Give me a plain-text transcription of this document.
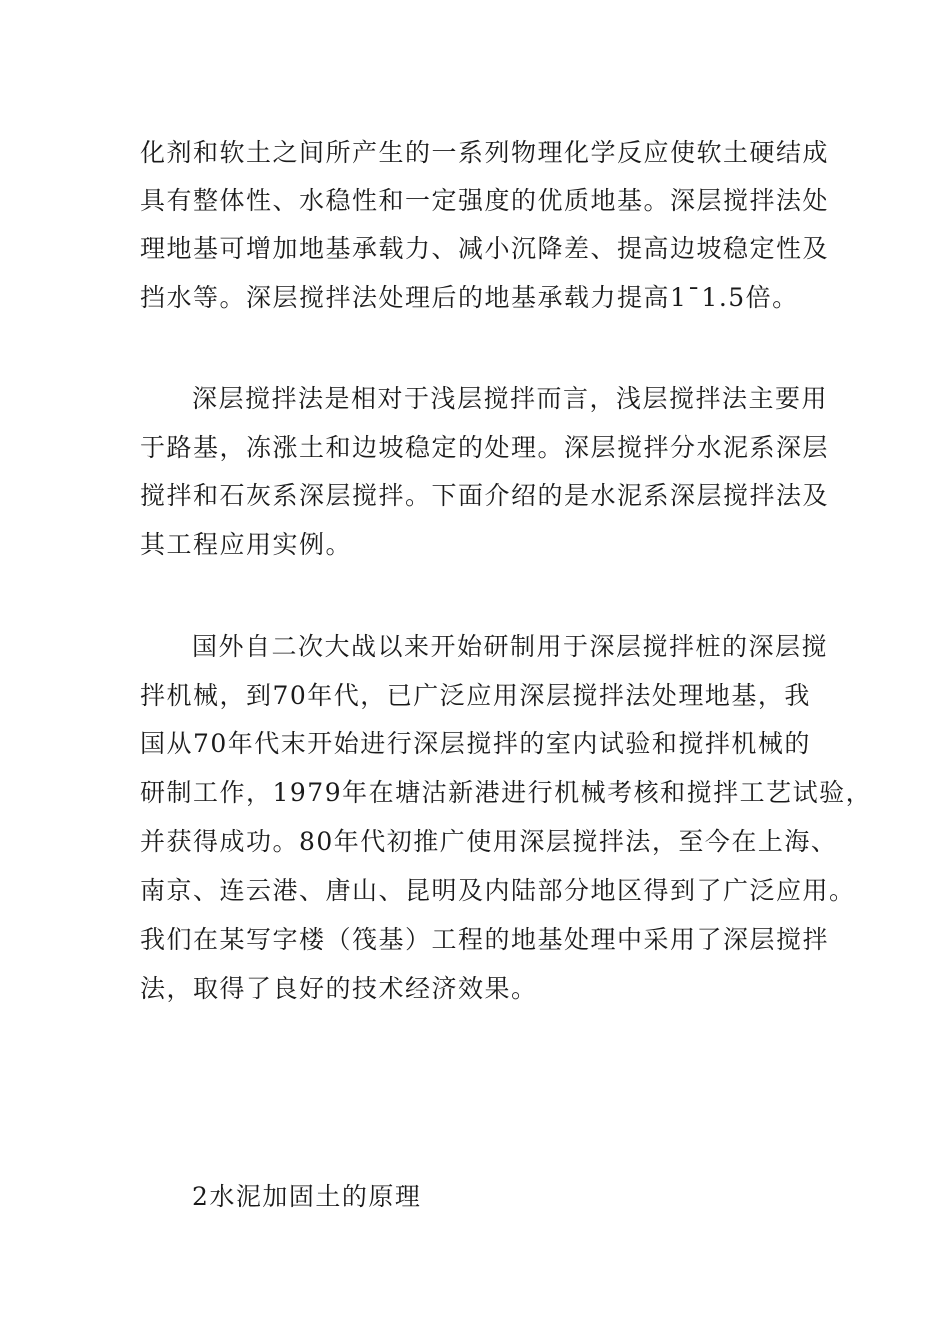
化剂和软土之间所产生的一系列物理化学反应使软土硬结成
具有整体性、水稳性和一定强度的优质地基。深层搅拌法处
理地基可增加地基承载力、减小沉降差、提高边坡稳定性及
挡水等。深层搅拌法处理后的地基承载力提高1¯1.5倍。
深层搅拌法是相对于浅层搅拌而言，浅层搅拌法主要用
于路基，冻涨土和边坡稳定的处理。深层搅拌分水泥系深层
搅拌和石灰系深层搅拌。下面介绍的是水泥系深层搅拌法及
其工程应用实例。
国外自二次大战以来开始研制用于深层搅拌桩的深层搅
拌机械，到70年代，已广泛应用深层搅拌法处理地基，我
国从70年代末开始进行深层搅拌的室内试验和搅拌机械的
研制工作，1979年在塘沽新港进行机械考核和搅拌工艺试验，
并获得成功。80年代初推广使用深层搅拌法，至今在上海、
南京、连云港、唐山、昆明及内陆部分地区得到了广泛应用。
我们在某写字楼（筏基）工程的地基处理中采用了深层搅拌
法，取得了良好的技术经济效果。
2水泥加固土的原理
